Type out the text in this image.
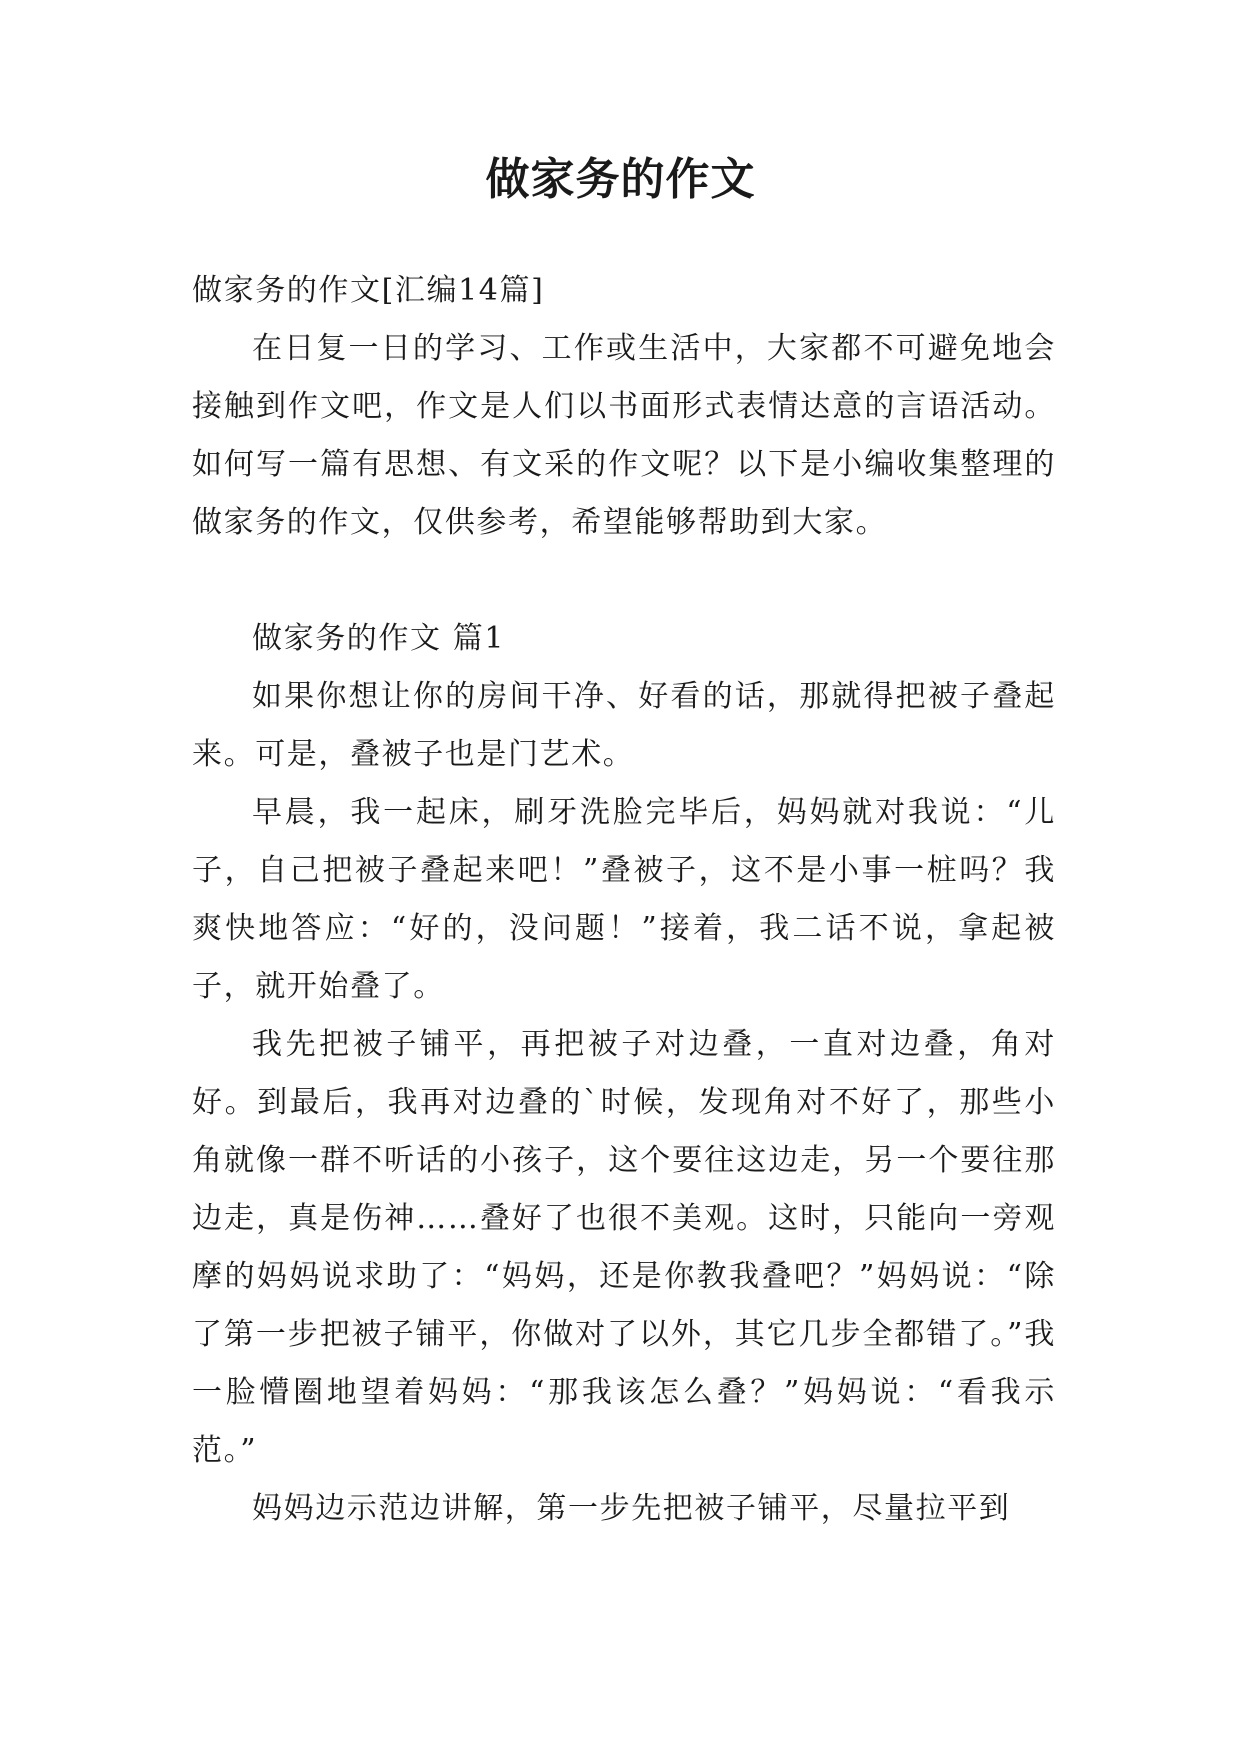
做家务的作文

做家务的作文[汇编14篇]

在日复一日的学习、工作或生活中，大家都不可避免地会接触到作文吧，作文是人们以书面形式表情达意的言语活动。如何写一篇有思想、有文采的作文呢？以下是小编收集整理的做家务的作文，仅供参考，希望能够帮助到大家。

做家务的作文 篇1

如果你想让你的房间干净、好看的话，那就得把被子叠起来。可是，叠被子也是门艺术。

早晨，我一起床，刷牙洗脸完毕后，妈妈就对我说：“儿子，自己把被子叠起来吧！”叠被子，这不是小事一桩吗？我爽快地答应：“好的，没问题！”接着，我二话不说，拿起被子，就开始叠了。

我先把被子铺平，再把被子对边叠，一直对边叠，角对好。到最后，我再对边叠的`时候，发现角对不好了，那些小角就像一群不听话的小孩子，这个要往这边走，另一个要往那边走，真是伤神……叠好了也很不美观。这时，只能向一旁观摩的妈妈说求助了：“妈妈，还是你教我叠吧？”妈妈说：“除了第一步把被子铺平，你做对了以外，其它几步全都错了。”我一脸懵圈地望着妈妈：“那我该怎么叠？”妈妈说：“看我示范。”

妈妈边示范边讲解，第一步先把被子铺平，尽量拉平到
